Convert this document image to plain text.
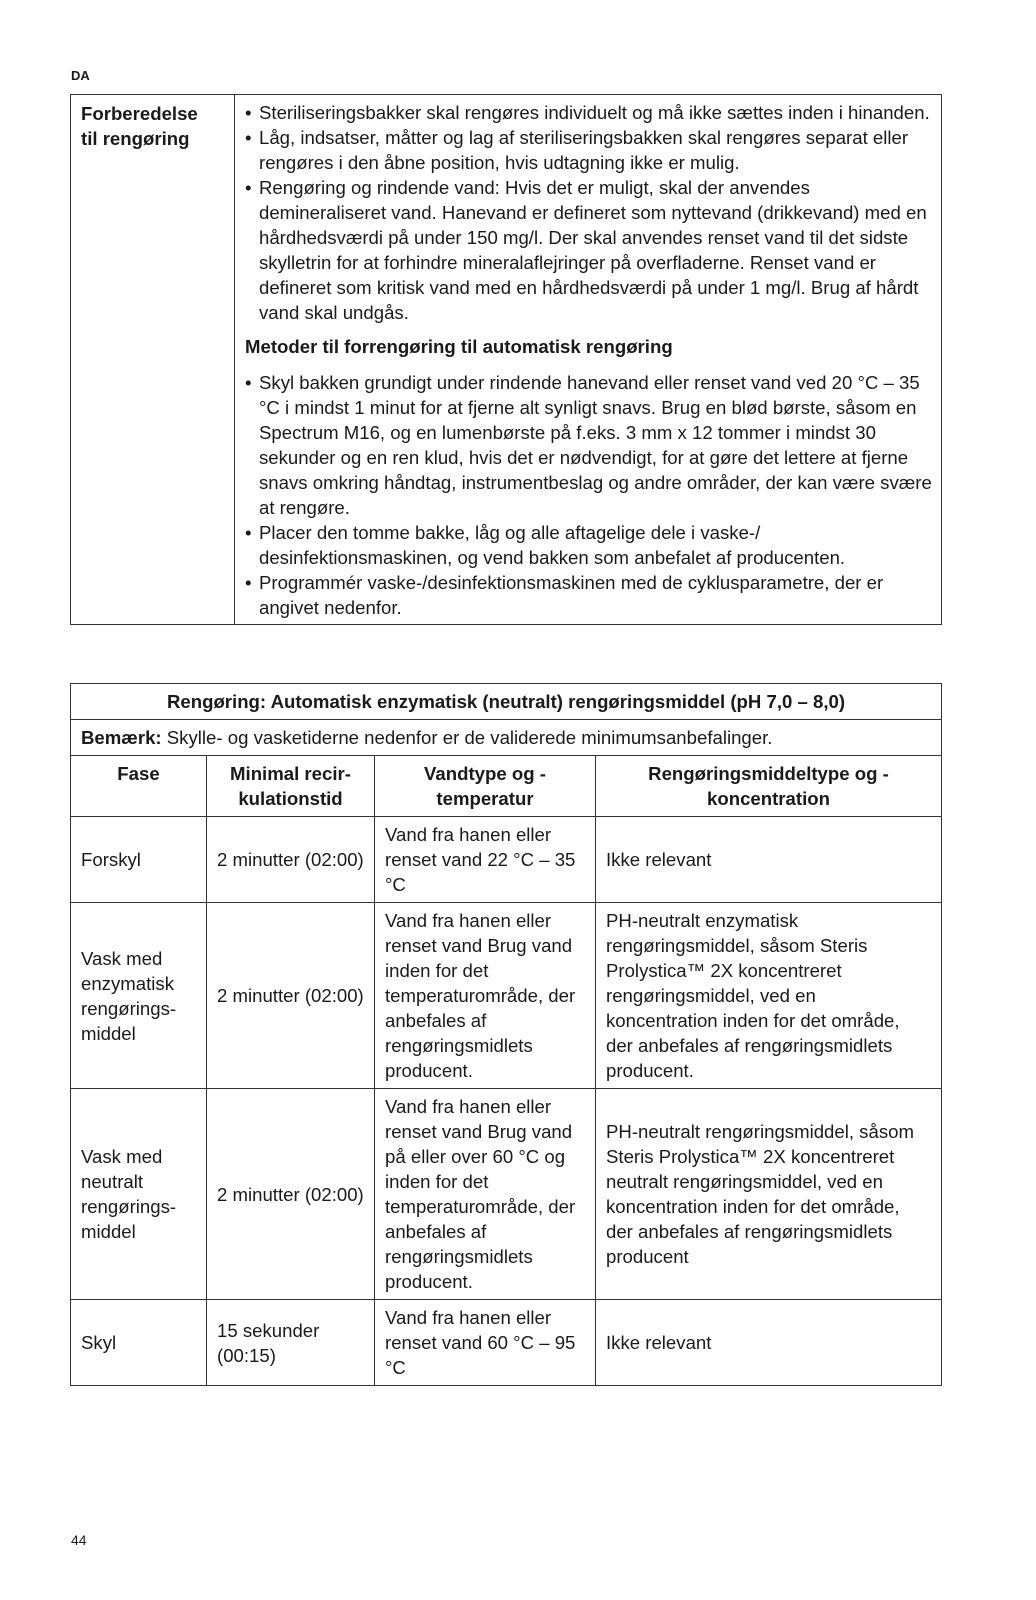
DA
Forberedelse
til rengøring

• Steriliseringsbakker skal rengøres individuelt og må ikke sættes inden i hinanden.
• Låg, indsatser, måtter og lag af steriliseringsbakken skal rengøres separat eller rengøres i den åbne position, hvis udtagning ikke er mulig.
• Rengøring og rindende vand: Hvis det er muligt, skal der anvendes demineraliseret vand. Hanevand er defineret som nyttevand (drikkevand) med en hårdhedsværdi på under 150 mg/l. Der skal anvendes renset vand til det sidste skylletrin for at forhindre mineralaflejringer på overfladerne. Renset vand er defineret som kritisk vand med en hårdhedsværdi på under 1 mg/l. Brug af hårdt vand skal undgås.
Metoder til forrengøring til automatisk rengøring
• Skyl bakken grundigt under rindende hanevand eller renset vand ved 20 °C – 35 °C i mindst 1 minut for at fjerne alt synligt snavs. Brug en blød børste, såsom en Spectrum M16, og en lumenbørste på f.eks. 3 mm x 12 tommer i mindst 30 sekunder og en ren klud, hvis det er nødvendigt, for at gøre det lettere at fjerne snavs omkring håndtag, instrumentbeslag og andre områder, der kan være svære at rengøre.
• Placer den tomme bakke, låg og alle aftagelige dele i vaske-/ desinfektionsmaskinen, og vend bakken som anbefalet af producenten.
• Programmér vaske-/desinfektionsmaskinen med de cyklusparametre, der er angivet nedenfor.
Rengøring: Automatisk enzymatisk (neutralt) rengøringsmiddel (pH 7,0 – 8,0)			
Bemærk: Skylle- og vasketiderne nedenfor er de validerede minimumsanbefalinger.			
Fase	Minimal recir-kulationstid	Vandtype og -temperatur	Rengøringsmiddeltype og -koncentration
Forskyl	2 minutter (02:00)	Vand fra hanen eller renset vand 22 °C – 35 °C	Ikke relevant
Vask med enzymatisk rengørings-middel	2 minutter (02:00)	Vand fra hanen eller renset vand Brug vand inden for det temperaturområde, der anbefales af rengøringsmidlets producent.	PH-neutralt enzymatisk rengøringsmiddel, såsom Steris Prolystica™ 2X koncentreret rengøringsmiddel, ved en koncentration inden for det område, der anbefales af rengøringsmidlets producent.
Vask med neutralt rengørings-middel	2 minutter (02:00)	Vand fra hanen eller renset vand Brug vand på eller over 60 °C og inden for det temperaturområde, der anbefales af rengøringsmidlets producent.	PH-neutralt rengøringsmiddel, såsom Steris Prolystica™ 2X koncentreret neutralt rengøringsmiddel, ved en koncentration inden for det område, der anbefales af rengøringsmidlets producent
Skyl	15 sekunder (00:15)	Vand fra hanen eller renset vand 60 °C – 95 °C	Ikke relevant
44
